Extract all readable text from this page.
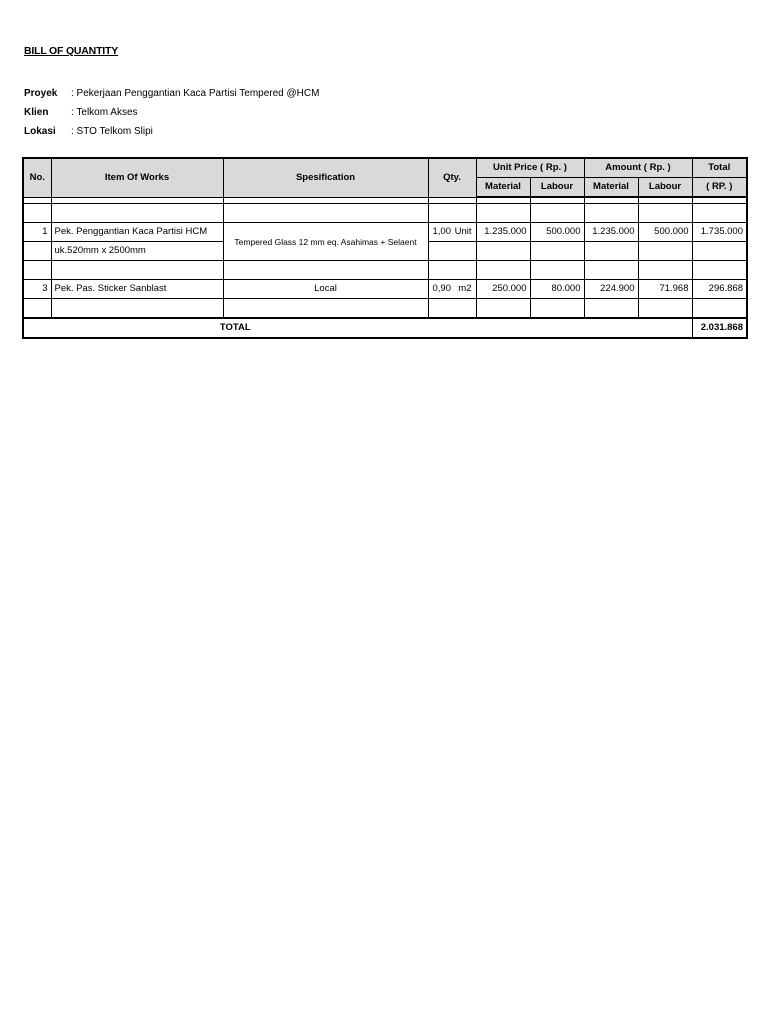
BILL OF QUANTITY
Proyek	: Pekerjaan Penggantian Kaca Partisi Tempered @HCM
Klien	: Telkom Akses
Lokasi	: STO Telkom Slipi
No.	Item Of Works	Spesification	Qty.	Unit Price ( Rp. )		Amount ( Rp. )		Total
				Material	Labour	Material	Labour	( RP. )

1	Pek. Penggantian Kaca Partisi HCM	Tempered Glass 12 mm eq. Asahimas + Selaent	1,00 Unit	1.235.000	500.000	1.235.000	500.000	1.735.000
	uk.520mm x 2500mm							

3	Pek. Pas. Sticker Sanblast	Local	0,90 m2	250.000	80.000	224.900	71.968	296.868

TOTAL								2.031.868
